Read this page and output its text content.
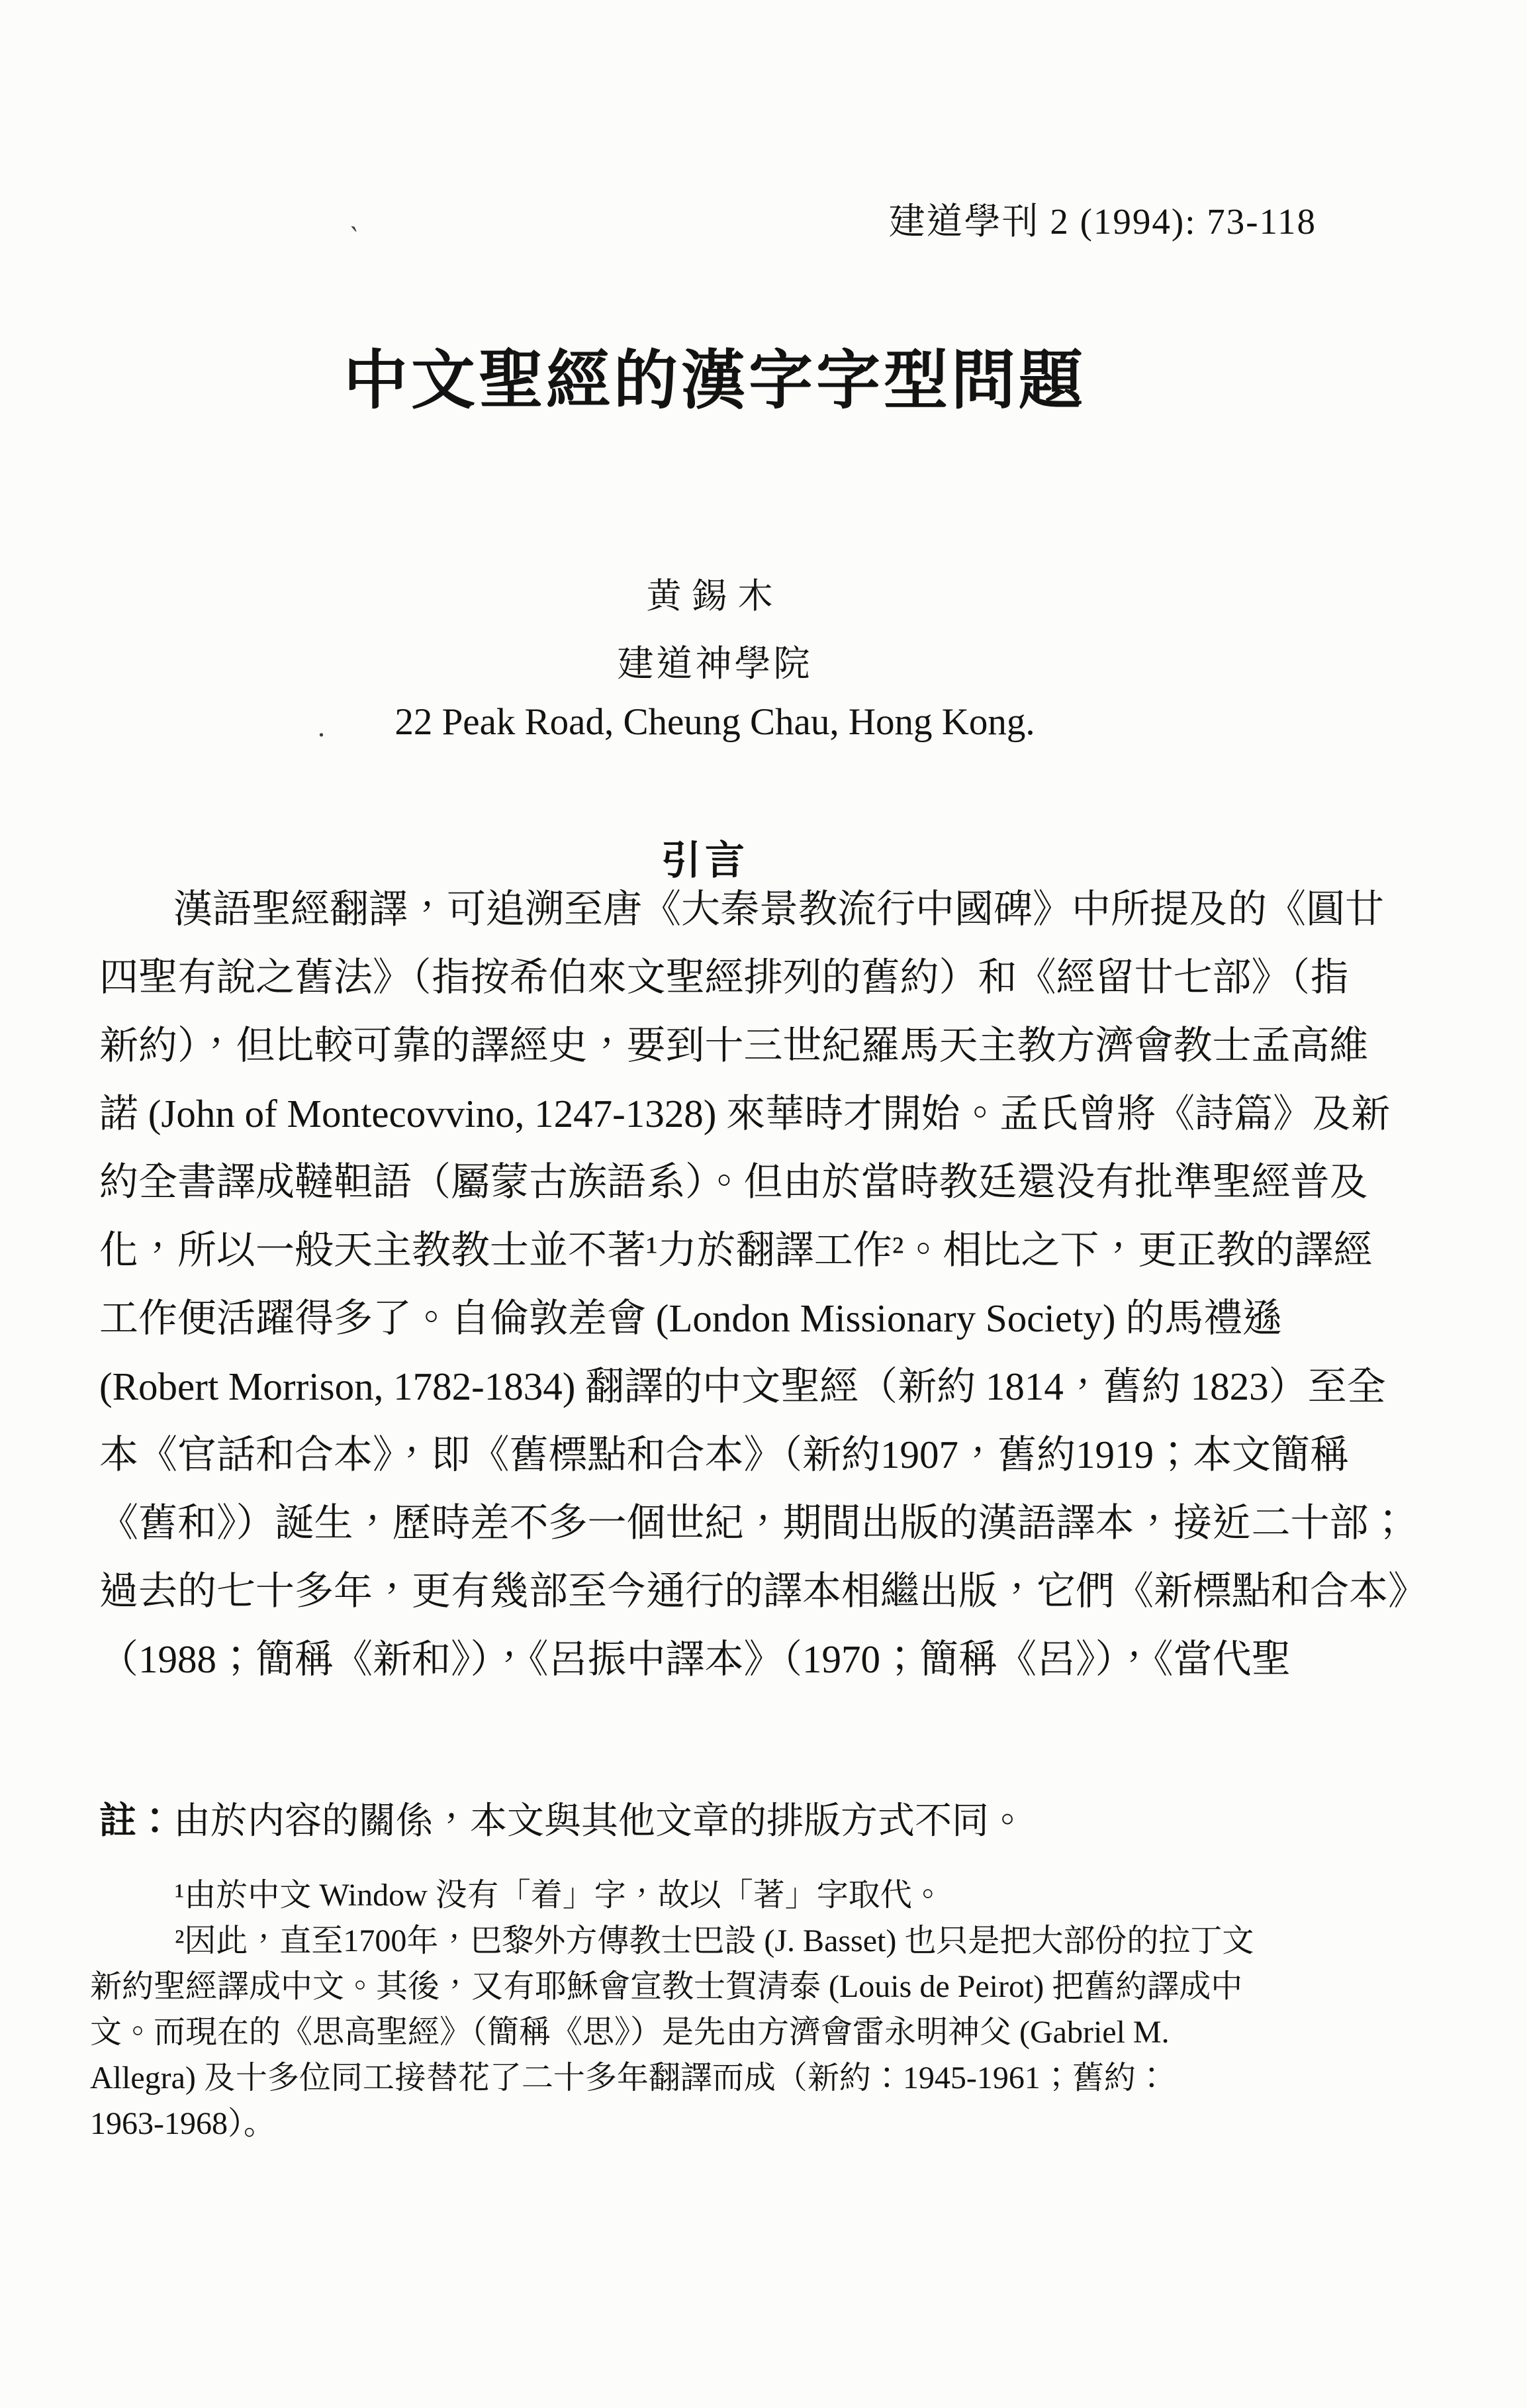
ˎ	建道學刊 2 (1994): 73-118
中文聖經的漢字字型問題
黄錫木
建道神學院
.	22 Peak Road, Cheung Chau, Hong Kong.
引言
漢語聖經翻譯，可追溯至唐《大秦景教流行中國碑》中所提及的《圓廿
四聖有說之舊法》（指按希伯來文聖經排列的舊約）和《經留廿七部》（指
新約），但比較可靠的譯經史，要到十三世紀羅馬天主教方濟會教士孟高維
諾 (John of Montecovvino, 1247-1328) 來華時才開始。孟氏曾將《詩篇》及新
約全書譯成韃靼語（屬蒙古族語系）。但由於當時教廷還没有批準聖經普及
化，所以一般天主教教士並不著¹力於翻譯工作²。相比之下，更正教的譯經
工作便活躍得多了。自倫敦差會 (London Missionary Society) 的馬禮遜
(Robert Morrison, 1782-1834) 翻譯的中文聖經（新約 1814，舊約 1823）至全
本《官話和合本》，即《舊標點和合本》（新約1907，舊約1919；本文簡稱
《舊和》）誕生，歷時差不多一個世紀，期間出版的漢語譯本，接近二十部；
過去的七十多年，更有幾部至今通行的譯本相繼出版，它們《新標點和合本》
（1988；簡稱《新和》），《呂振中譯本》（1970；簡稱《呂》），《當代聖
註：由於内容的關係，本文與其他文章的排版方式不同。
¹由於中文 Window 没有「着」字，故以「著」字取代。
²因此，直至1700年，巴黎外方傳教士巴設 (J. Basset) 也只是把大部份的拉丁文
新約聖經譯成中文。其後，又有耶穌會宣教士賀清泰 (Louis de Peirot) 把舊約譯成中
文。而現在的《思高聖經》（簡稱《思》）是先由方濟會雷永明神父 (Gabriel M.
Allegra) 及十多位同工接替花了二十多年翻譯而成（新約：1945-1961；舊約：
1963-1968）。
